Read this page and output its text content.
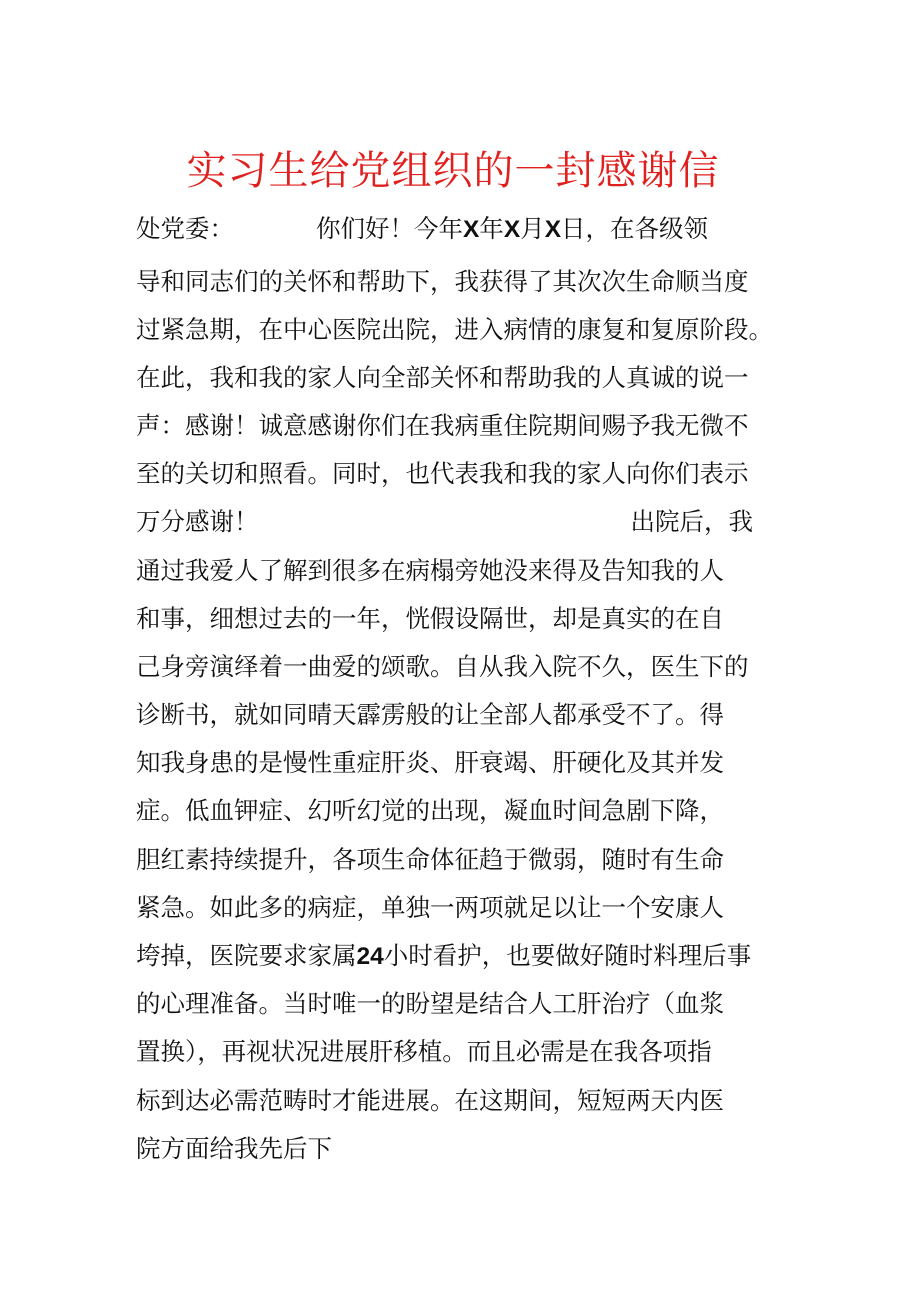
实习生给党组织的一封感谢信
处党委：	你们好！今年X年X月X日，在各级领
导和同志们的关怀和帮助下，我获得了其次次生命顺当度
过紧急期，在中心医院出院，进入病情的康复和复原阶段。
在此，我和我的家人向全部关怀和帮助我的人真诚的说一
声：感谢！诚意感谢你们在我病重住院期间赐予我无微不
至的关切和照看。同时，也代表我和我的家人向你们表示
万分感谢！	出院后，我
通过我爱人了解到很多在病榻旁她没来得及告知我的人
和事，细想过去的一年，恍假设隔世，却是真实的在自
己身旁演绎着一曲爱的颂歌。自从我入院不久，医生下的
诊断书，就如同晴天霹雳般的让全部人都承受不了。得
知我身患的是慢性重症肝炎、肝衰竭、肝硬化及其并发
症。低血钾症、幻听幻觉的出现，凝血时间急剧下降，
胆红素持续提升，各项生命体征趋于微弱，随时有生命
紧急。如此多的病症，单独一两项就足以让一个安康人
垮掉，医院要求家属24小时看护，也要做好随时料理后事
的心理准备。当时唯一的盼望是结合人工肝治疗（血浆
置换），再视状况进展肝移植。而且必需是在我各项指
标到达必需范畴时才能进展。在这期间，短短两天内医
院方面给我先后下
